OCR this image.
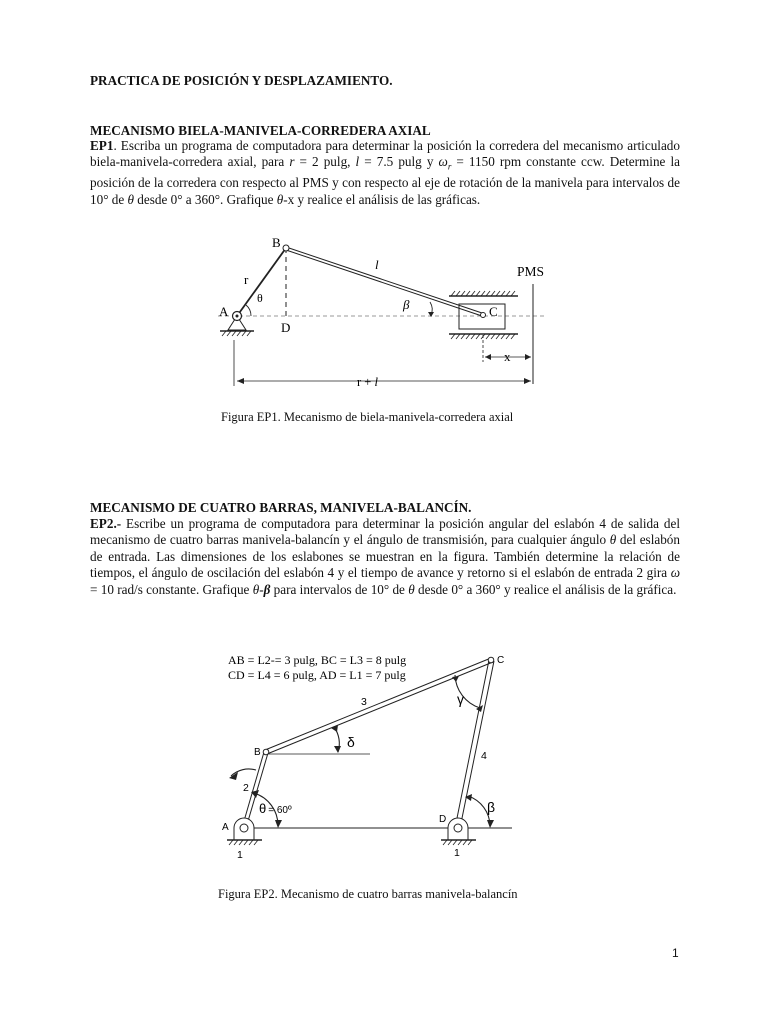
PRACTICA DE POSICIÓN Y DESPLAZAMIENTO.
MECANISMO BIELA-MANIVELA-CORREDERA AXIAL
EP1. Escriba un programa de computadora para determinar la posición la corredera del mecanismo articulado biela-manivela-corredera axial, para r = 2 pulg, l = 7.5 pulg y $\omega_r = 1150$ rpm constante ccw. Determine la posición de la corredera con respecto al PMS y con respecto al eje de rotación de la manivela para intervalos de 10° de θ desde 0° a 360°. Grafique θ-x y realice el análisis de las gráficas.
B
r
l	PMS
θ
A	β	C
D
x
r + l
Figura EP1. Mecanismo de biela-manivela-corredera axial
MECANISMO DE CUATRO BARRAS, MANIVELA-BALANCÍN.
EP2.- Escribe un programa de computadora para determinar la posición angular del eslabón 4 de salida del mecanismo de cuatro barras manivela-balancín y el ángulo de transmisión, para cualquier ángulo θ del eslabón de entrada. Las dimensiones de los eslabones se muestran en la figura. También determine la relación de tiempos, el ángulo de oscilación del eslabón 4 y el tiempo de avance y retorno si el eslabón de entrada 2 gira ω = 10 rad/s constante. Grafique θ-β para intervalos de 10° de θ desde 0° a 360° y realice el análisis de la gráfica.
AB = L2-= 3 pulg, BC = L3 = 8 pulg
CD = L4 = 6 pulg, AD = L1 = 7 pulg
C
3	γ
B
δ
4
2
θ = 60º
A
D
β
1	1
Figura EP2. Mecanismo de cuatro barras manivela-balancín
1
